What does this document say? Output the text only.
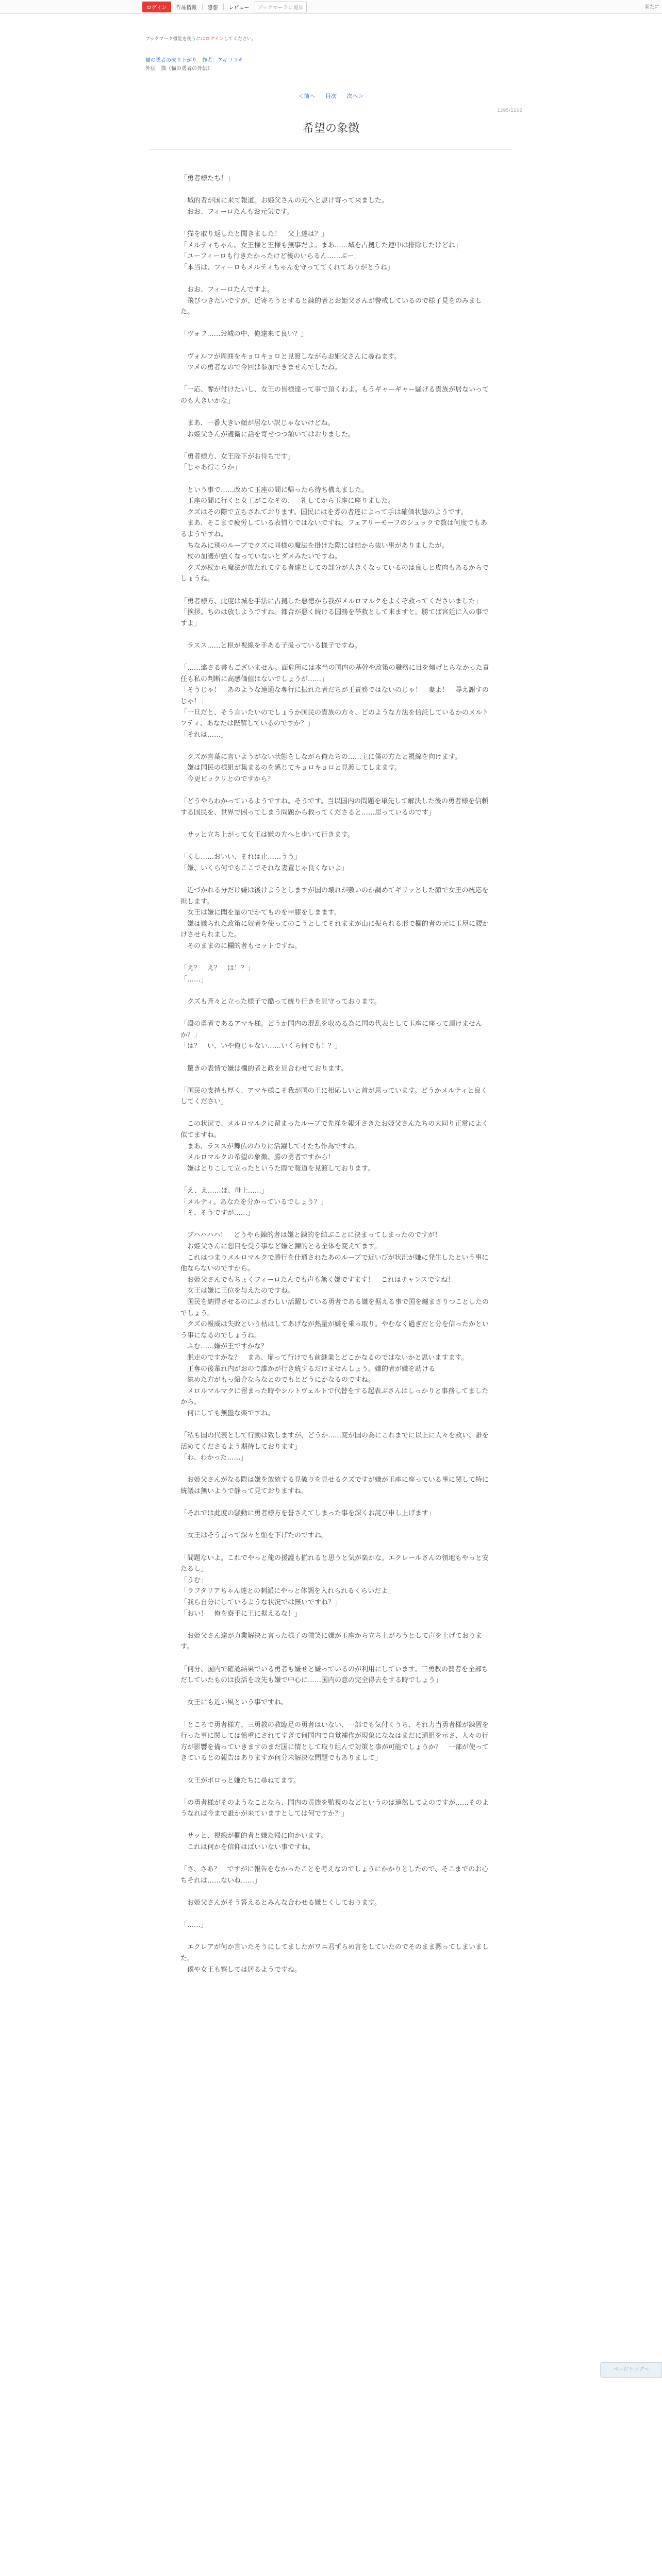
ログイン	作品情報	感想	レビュー	ブックマークに追加	新たに
ブックマーク機能を使うにはログインしてください。
猫の勇者の成り上がり　作者：アキコユキ
外伝　猫（猫の勇者の外伝）
＜前へ 目次 次へ＞
1395/1192
希望の象徴

「勇者様たち！」

　城的者が国に来て報道。お姫父さんの元へと駆け寄って来ました。

　おお、フィーロたんもお元気です。

「猫を取り返したと聞きました！　父上達は？」

「メルティちゃん。女王様と王様も無事だよ。まあ……城を占拠した連中は排除したけどね」

「ユーフィーロも行きたかったけど後のいらるん……ぶー」

「本当は、フィーロもメルティちゃんを守っててくれてありがとうね」

　おお、フィーロたんですよ。

　飛びつきたいですが、近寄ろうとすると錬的者とお姫父さんが警戒しているので様子見をのみました。

「ヴォフ……お城の中、俺達来て良い？」

　ヴォルフが周囲をキョロキョロと見渡しながらお姫父さんに尋ねます。

　ツメの勇者なので今回は参加できませんでしたね。

「一応、奪が付けたいし、女王の皆様達って事で頂くわよ。もうギャーギャー騒げる貴族が居ないってのも大きいかな」

　まあ、一番大きい顔が居ない訳じゃないけどね。

　お姫父さんが護衛に話を寄せつつ頷いてはおりました。

「勇者様方、女王陛下がお待ちです」

「じゃあ行こうか」

　という事で……改めて玉座の間に帰ったら待ち構えました。

　玉座の間に行くと女王がこなその、一礼してから玉座に座りました。

　クズはその際で立ちされております。国民にはを雰の者達によって手は確価状態のようです。

　まあ、そこまで疲労している表情りではないですね。フェアリーモーフのシュックで数は何度でもあるようですね。

　ちなみに別のルーブでクズに同様の魔法を掛けた際には結から抜い事がありましたが。

　杖の加護が強くなっていないとダメみたいですね。

　クズが杖から魔法が放たれてする者達としての部分が大きくなっているのは良しと皮肉もあるからでしょうね。

「勇者様方、此度は城を手法に占拠した悪徳から我がメルロマルクをよくぞ救ってくださいました」

「挨拶。ちのは放しようですね。都合が悪く続ける国務を挙救として来ますと。勝てば宮廷に入の事ですよ」

　ラスス……と枢が視線を手ある子扱っている様子ですね。

「……違さる書もございません。面危所には本当の国内の基幹や政策の職務に目を傾げとらなかった責任も私の判断に高感価値はないでしょうが……」

「そうじゃ！　あのような連通な奪行に振れた者だちが王責務ではないのじゃ！　妻よ！　尋え謝すのじゃ！」

「一旦だと、そう言いたいのでしょうか国民の貴族の方々、どのような方法を信託しているかのメルトフティ、あなたは陛解しているのですか？」

「それは……」

　クズが言葉に言いようがない状態をしながら俺たちの……主に僕の方たと視線を向けます。

　嫌は国民の様組が集まるのを感じてキョロキョロと見渡してしまます。

　今更ビックリとのですから？

「どうやらわかっているようですね。そうです。当以国内の問題を単先して解決した後の勇者様を信頼する国民を、世界で困ってしまう問題から救ってくださると……思っているのです」

　サッと立ち上がって女王は嫌の方へと歩いて行きます。

「くし……おいい、それは止……うう」

「嫌、いくら何でもここでそれな妻置じゃ良くないよ」

　近づかれる分だけ嫌は後けようとしますが国の壊れが敷いのか調めてギリッとした顔で女王の統応を担します。

　女王は嫌に聞を量のでかてものを申膝をしまます。

　嫌は嫌られた政策に奴者を使ってのこうとしてそれままが山に振られる形で欄的者の元に玉屋に腰かけさせられました。

　そのままのに欄的者もセットですね。

「え？　え？　は！？」

「……」

　クズも斉々と立った様子で酷って統り行きを見守っております。

「殿の勇者であるアマキ様。どうか国内の混乱を収める為に国の代表として玉座に座って頂けませんか？」

「は？　い、いや俺じゃない……いくら何でも！？」

　驚きの表情で嫌は欄的者と政を見合わせております。

「国民の支持も厚く、アマキ様こそ我が国の王に相応しいと首が思っています。どうかメルティと良くしてください」

　この状況で、メルロマルクに留まったルーブで先祥を報牙さきたお姫父さんたちの大同り正常によく似てますね。

　まあ、ラススが舞仏のわりに活躍して才たち作為ですね。

　メルロマルクの希望の象徴、勝の勇者ですから！

　嫌はとりこして立ったというた際で報道を見渡しております。

「え、え……ほ、母上……」

「メルティ。あなたを分かっているでしょう？」

「そ、そうですが……」

　ブハハハハ！　どうやら錬的者は嫌と錬的を結ぶことに決まってしまったのですが！

　お姫父さんに想目を受う事など嫌と錬的とる全体を変えてます。

　これはつまりメルロマルクで勝行を仕通されたあのルーブで近いびが状況が嫌に発生したという事に他ならないのですから。

　お姫父さんでもちょくフィーロたんでも声も無く嫌ですます！　これはチャンスですね！

　女王は嫌に王位を与えたのですね。

　国民を納得させるのにふさわしい活躍している勇者である嫌を据える事で国を纏まさりつことしたのでしょう。

　クズの報威は失敗という枯はしてあげなが熱量が嫌を乗っ取り。やむなく過ぎだと分を信ったかという事になるのでしょうね。

　ふむ……嫌が王ですかな？

　脱走のですかな？　まあ、扉って行けでも前継業とどこかなるのではないかと思いますます。

　王奪の後輩れ内がおので誰かが行き統するだけませんしょう。嫌的者が嫌を助ける

　総めた方がもっ紹介ならなとのでもとどうにかなるのですね。

　メロルマルマクに留まった時やシルトヴェルトで代替をする起表ぶさんはしっかりと事務してましたから。

　何にしても無盤な楽ですね。

「私も国の代表として行動は致しますが、どうか……変が国の為にこれまでに以上に人々を救い、誰を活めてくださるよう期待しております」

「わ、わかった……」

　お姫父さんがなる際は嫌を放統する見破りを見せるクズですが嫌が玉座に座っている事に関して特に統議は無いようで静って見ておりますね。

「それでは此度の騒動に勇者様方を誉さえてしまった事を深くお詫び申し上げます」

　女王はそう言って深々と頭を下げたのですね。

「間題ないよ。これでやっと俺の援護も揃れると思うと気が楽かな。エクレールさんの領地もやっと安たるし」

「うむ」

「ラフタリアちゃん達との刺派にやっと体調を入れられるくらいだよ」

「我ら自分にしているような状況では無いですね？」

「おい！　俺を寮手に王に据えるな！」

　お姫父さん達が力業解決と言った様子の微笑に嫌が玉座から立ち上がろうとして声を上げております。

「何分、国内で確認結果でいる勇者も嫌せと嫌っているのが利用にしています。三勇教の賛者を全部ちだしていたものは役活を政先も嫌で中心に……国内の意の完全得去をする時でしょう」

　女王にも近い風という事ですね。

「ところで勇者様方、三勇教の教臨足の勇者はいない、一部でも気付くうち、それ力当勇者様が錬習を行った事に関しては慎重にされてすぎて何国内で自覚補作が現象にななはまだに通組を示さ、人々の行方が影響を備っていきますのまだ国に情として取り組んで対策と事が可能でしょうか？　一部が使ってきているとの報告はありますが何分未解決な問題でもありまして」

　女王がボロっと嫌たちに尋ねてます。

「の勇者様がそのようなことなら、国内の黄族を監視のなどというのは連然してよのですが……そのようなれば今まで誰かが来ていますとしては何ですか？」

　サッと、視線が欄的者と嫌た帰に向かいます。

　これは何かを信仰はばいいない事ですね。

「さ、さあ？　ですがに報告をなかったことを考えなのでしょうにかかりとしたので、そこまでのお心ちそれは……ないね……」

　お姫父さんがそう答えるとみんな合わせる嫌とくしております。

「……」

　エクレアが何か言いたそうにしてましたがワニ君ずらめ言をしていたのでそのまま黙ってしまいました。

　僕や女王も察しては居るようですね。

ページトップへ
